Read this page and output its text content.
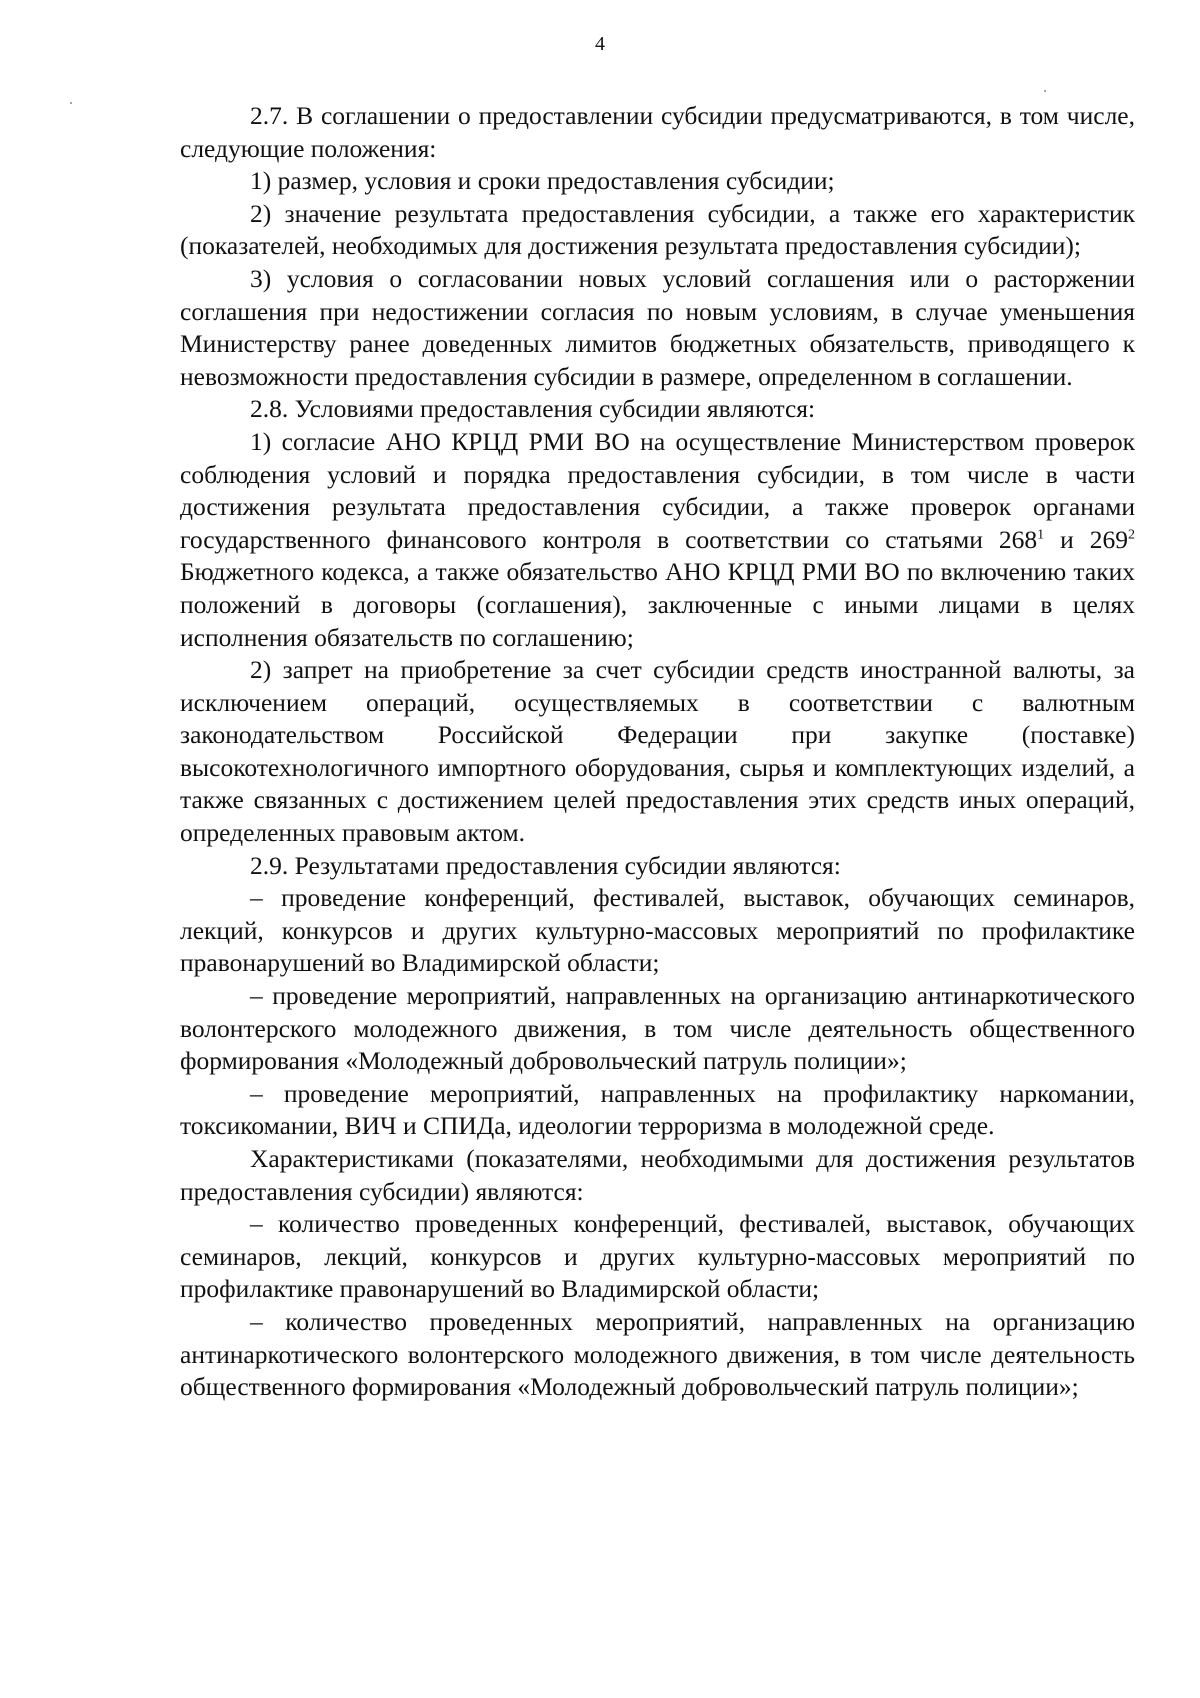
4

2.7. В соглашении о предоставлении субсидии предусматриваются, в том числе, следующие положения:

1) размер, условия и сроки предоставления субсидии;

2) значение результата предоставления субсидии, а также его характеристик (показателей, необходимых для достижения результата предоставления субсидии);

3) условия о согласовании новых условий соглашения или о расторжении соглашения при недостижении согласия по новым условиям, в случае уменьшения Министерству ранее доведенных лимитов бюджетных обязательств, приводящего к невозможности предоставления субсидии в размере, определенном в соглашении.

2.8. Условиями предоставления субсидии являются:

1) согласие АНО КРЦД РМИ ВО на осуществление Министерством проверок соблюдения условий и порядка предоставления субсидии, в том числе в части достижения результата предоставления субсидии, а также проверок органами государственного финансового контроля в соответствии со статьями $268^1$ и $269^2$ Бюджетного кодекса, а также обязательство АНО КРЦД РМИ ВО по включению таких положений в договоры (соглашения), заключенные с иными лицами в целях исполнения обязательств по соглашению;

2) запрет на приобретение за счет субсидии средств иностранной валюты, за исключением операций, осуществляемых в соответствии с валютным законодательством Российской Федерации при закупке (поставке) высокотехнологичного импортного оборудования, сырья и комплектующих изделий, а также связанных с достижением целей предоставления этих средств иных операций, определенных правовым актом.

2.9. Результатами предоставления субсидии являются:

– проведение конференций, фестивалей, выставок, обучающих семинаров, лекций, конкурсов и других культурно-массовых мероприятий по профилактике правонарушений во Владимирской области;

– проведение мероприятий, направленных на организацию антинаркотического волонтерского молодежного движения, в том числе деятельность общественного формирования «Молодежный добровольческий патруль полиции»;

– проведение мероприятий, направленных на профилактику наркомании, токсикомании, ВИЧ и СПИДа, идеологии терроризма в молодежной среде.

Характеристиками (показателями, необходимыми для достижения результатов предоставления субсидии) являются:

– количество проведенных конференций, фестивалей, выставок, обучающих семинаров, лекций, конкурсов и других культурно-массовых мероприятий по профилактике правонарушений во Владимирской области;

– количество проведенных мероприятий, направленных на организацию антинаркотического волонтерского молодежного движения, в том числе деятельность общественного формирования «Молодежный добровольческий патруль полиции»;
